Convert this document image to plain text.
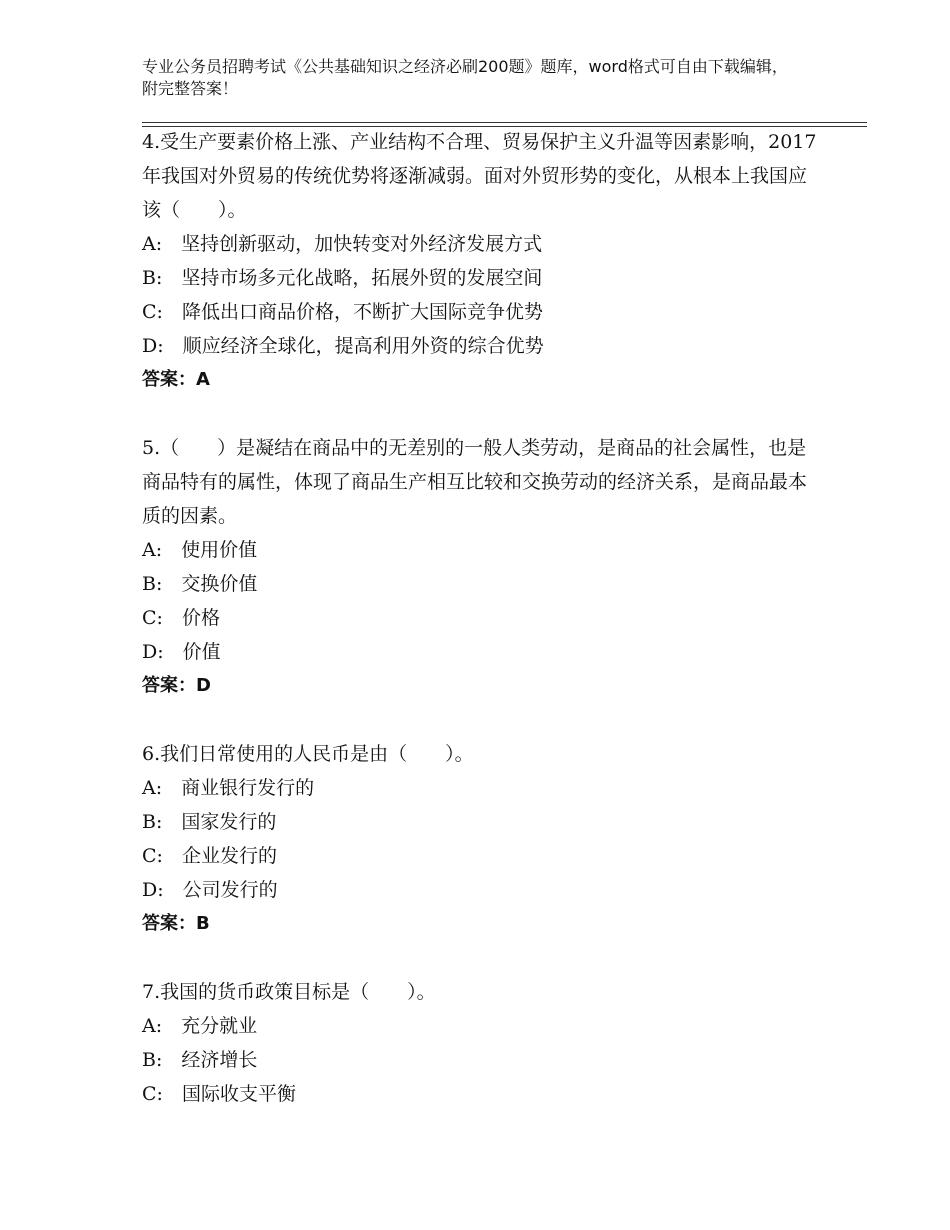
专业公务员招聘考试《公共基础知识之经济必刷200题》题库，word格式可自由下载编辑，附完整答案！

4.受生产要素价格上涨、产业结构不合理、贸易保护主义升温等因素影响，2017年我国对外贸易的传统优势将逐渐减弱。面对外贸形势的变化，从根本上我国应该（　　）。

A:　坚持创新驱动，加快转变对外经济发展方式

B:　坚持市场多元化战略，拓展外贸的发展空间

C:　降低出口商品价格，不断扩大国际竞争优势

D:　顺应经济全球化，提高利用外资的综合优势

答案：A

5.（　　）是凝结在商品中的无差别的一般人类劳动，是商品的社会属性，也是商品特有的属性，体现了商品生产相互比较和交换劳动的经济关系，是商品最本质的因素。

A:　使用价值

B:　交换价值

C:　价格

D:　价值

答案：D

6.我们日常使用的人民币是由（　　）。

A:　商业银行发行的

B:　国家发行的

C:　企业发行的

D:　公司发行的

答案：B

7.我国的货币政策目标是（　　）。

A:　充分就业

B:　经济增长

C:　国际收支平衡
